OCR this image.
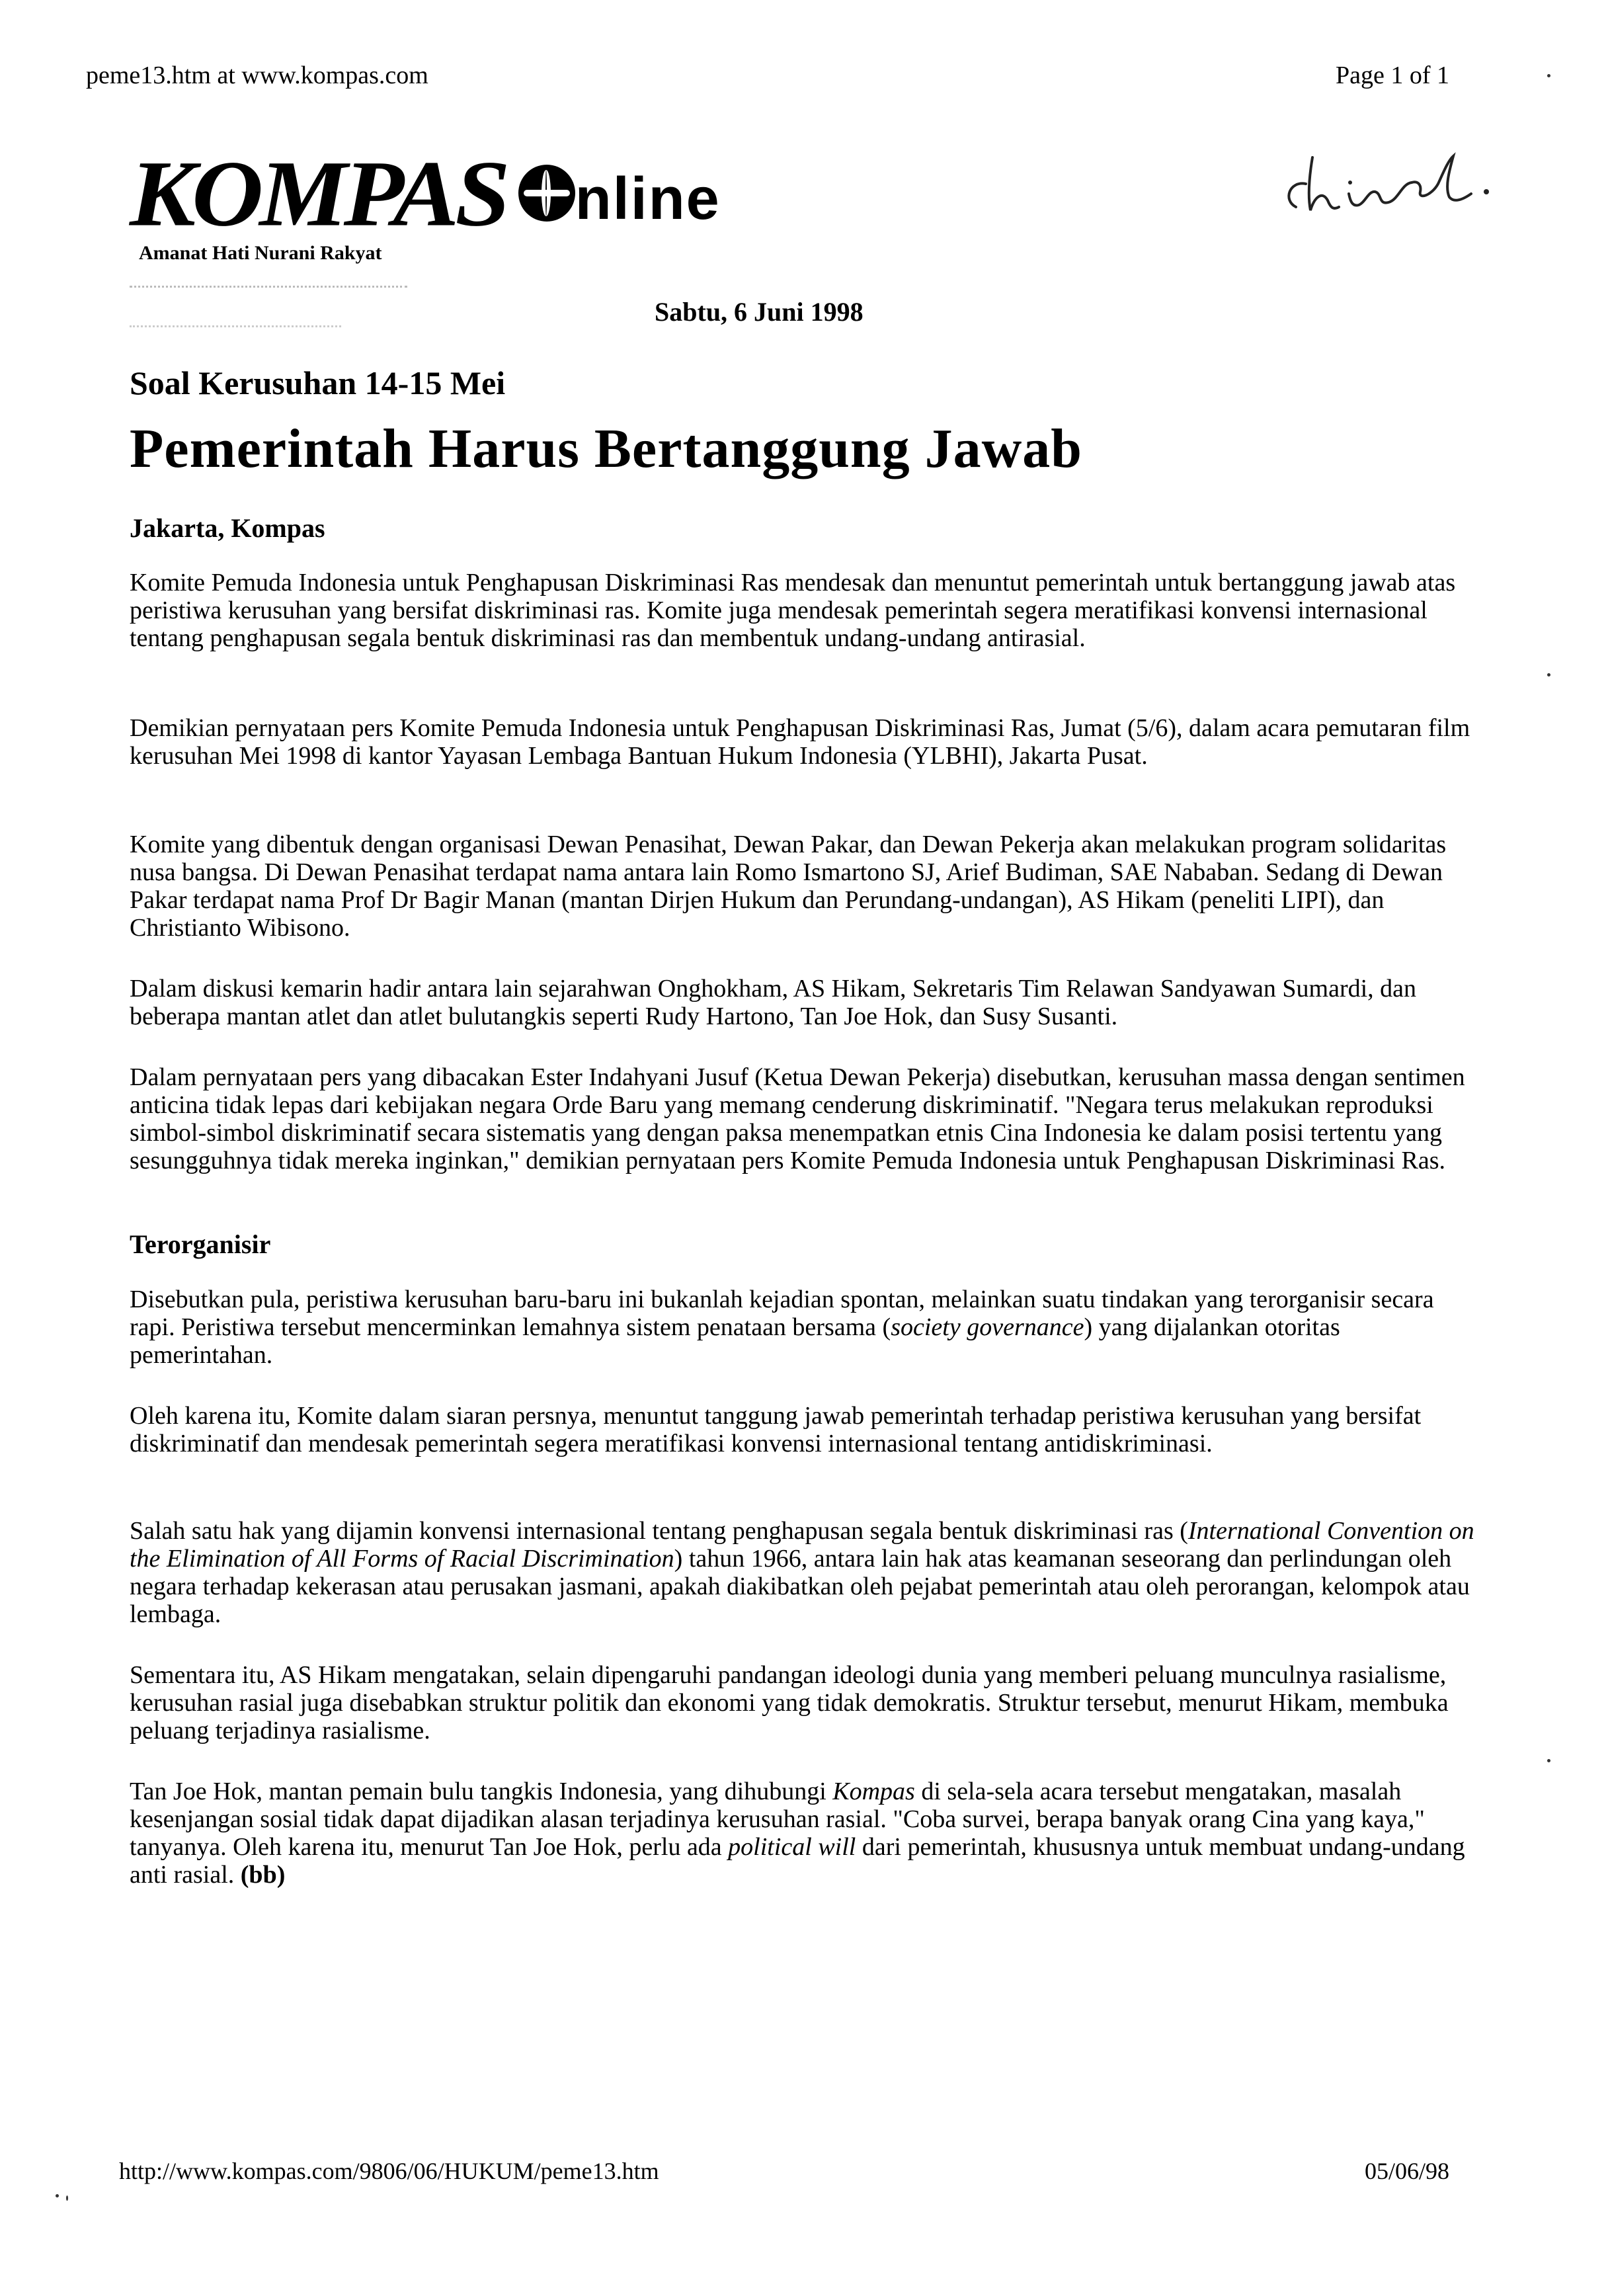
peme13.htm at www.kompas.com	Page 1 of 1
KOMPAS nline
Amanat Hati Nurani Rakyat
Sabtu, 6 Juni 1998
Soal Kerusuhan 14-15 Mei
Pemerintah Harus Bertanggung Jawab
Jakarta, Kompas

Komite Pemuda Indonesia untuk Penghapusan Diskriminasi Ras mendesak dan menuntut pemerintah untuk bertanggung jawab atas peristiwa kerusuhan yang bersifat diskriminasi ras. Komite juga mendesak pemerintah segera meratifikasi konvensi internasional tentang penghapusan segala bentuk diskriminasi ras dan membentuk undang-undang antirasial.

Demikian pernyataan pers Komite Pemuda Indonesia untuk Penghapusan Diskriminasi Ras, Jumat (5/6), dalam acara pemutaran film kerusuhan Mei 1998 di kantor Yayasan Lembaga Bantuan Hukum Indonesia (YLBHI), Jakarta Pusat.

Komite yang dibentuk dengan organisasi Dewan Penasihat, Dewan Pakar, dan Dewan Pekerja akan melakukan program solidaritas nusa bangsa. Di Dewan Penasihat terdapat nama antara lain Romo Ismartono SJ, Arief Budiman, SAE Nababan. Sedang di Dewan Pakar terdapat nama Prof Dr Bagir Manan (mantan Dirjen Hukum dan Perundang-undangan), AS Hikam (peneliti LIPI), dan Christianto Wibisono.

Dalam diskusi kemarin hadir antara lain sejarahwan Onghokham, AS Hikam, Sekretaris Tim Relawan Sandyawan Sumardi, dan beberapa mantan atlet dan atlet bulutangkis seperti Rudy Hartono, Tan Joe Hok, dan Susy Susanti.

Dalam pernyataan pers yang dibacakan Ester Indahyani Jusuf (Ketua Dewan Pekerja) disebutkan, kerusuhan massa dengan sentimen anticina tidak lepas dari kebijakan negara Orde Baru yang memang cenderung diskriminatif. "Negara terus melakukan reproduksi simbol-simbol diskriminatif secara sistematis yang dengan paksa menempatkan etnis Cina Indonesia ke dalam posisi tertentu yang sesungguhnya tidak mereka inginkan," demikian pernyataan pers Komite Pemuda Indonesia untuk Penghapusan Diskriminasi Ras.

Terorganisir

Disebutkan pula, peristiwa kerusuhan baru-baru ini bukanlah kejadian spontan, melainkan suatu tindakan yang terorganisir secara rapi. Peristiwa tersebut mencerminkan lemahnya sistem penataan bersama (society governance) yang dijalankan otoritas pemerintahan.

Oleh karena itu, Komite dalam siaran persnya, menuntut tanggung jawab pemerintah terhadap peristiwa kerusuhan yang bersifat diskriminatif dan mendesak pemerintah segera meratifikasi konvensi internasional tentang antidiskriminasi.

Salah satu hak yang dijamin konvensi internasional tentang penghapusan segala bentuk diskriminasi ras (International Convention on the Elimination of All Forms of Racial Discrimination) tahun 1966, antara lain hak atas keamanan seseorang dan perlindungan oleh negara terhadap kekerasan atau perusakan jasmani, apakah diakibatkan oleh pejabat pemerintah atau oleh perorangan, kelompok atau lembaga.

Sementara itu, AS Hikam mengatakan, selain dipengaruhi pandangan ideologi dunia yang memberi peluang munculnya rasialisme, kerusuhan rasial juga disebabkan struktur politik dan ekonomi yang tidak demokratis. Struktur tersebut, menurut Hikam, membuka peluang terjadinya rasialisme.

Tan Joe Hok, mantan pemain bulu tangkis Indonesia, yang dihubungi Kompas di sela-sela acara tersebut mengatakan, masalah kesenjangan sosial tidak dapat dijadikan alasan terjadinya kerusuhan rasial. "Coba survei, berapa banyak orang Cina yang kaya," tanyanya. Oleh karena itu, menurut Tan Joe Hok, perlu ada political will dari pemerintah, khususnya untuk membuat undang-undang anti rasial. (bb)

http://www.kompas.com/9806/06/HUKUM/peme13.htm	05/06/98
